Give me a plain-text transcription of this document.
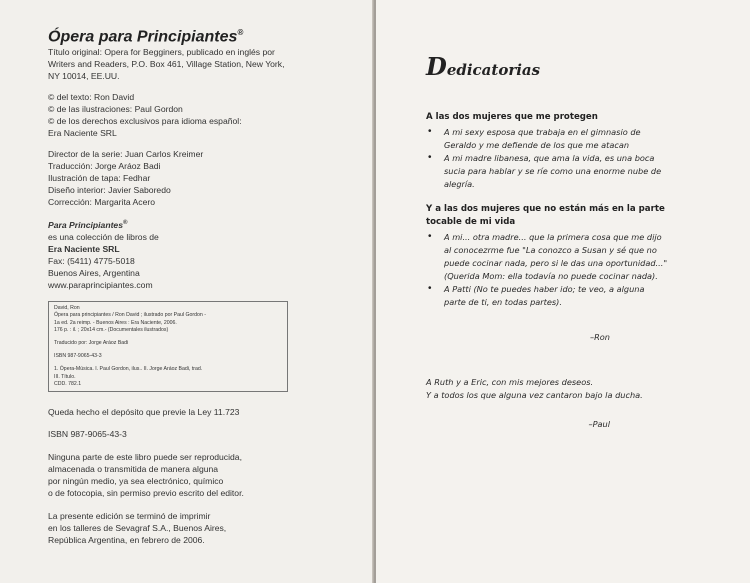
Ópera para Principiantes®

Título original: Opera for Begginers, publicado en inglés por

Writers and Readers, P.O. Box 461, Village Station, New York,

NY 10014, EE.UU.

© del texto: Ron David

© de las ilustraciones: Paul Gordon

© de los derechos exclusivos para idioma español:

Era Naciente SRL

Director de la serie: Juan Carlos Kreimer

Traducción: Jorge Aráoz Badi

Ilustración de tapa: Fedhar

Diseño interior: Javier Saboredo

Corrección: Margarita Acero

Para Principiantes®

es una colección de libros de

Era Naciente SRL

Fax: (5411) 4775-5018

Buenos Aires, Argentina

www.paraprincipiantes.com

David, Ron

Ópera para principiantes / Ron David ; ilustrado por Paul Gordon -

1a ed. 2a reimp. - Buenos Aires : Era Naciente, 2006.

176 p. : il. ; 20x14 cm.- (Documentales ilustrados)

Traducido por: Jorge Aráoz Badi

ISBN 987-9065-43-3

1. Ópera-Música. I. Paul Gordon, ilus.. II. Jorge Aráoz Badi, trad.

III. Título.

CDD. 782.1

Queda hecho el depósito que previe la Ley 11.723

ISBN 987-9065-43-3

Ninguna parte de este libro puede ser reproducida,

almacenada o transmitida de manera alguna

por ningún medio, ya sea electrónico, químico

o de fotocopia, sin permiso previo escrito del editor.

La presente edición se terminó de imprimir

en los talleres de Sevagraf S.A., Buenos Aires,

República Argentina, en febrero de 2006.

Dedicatorias

A las dos mujeres que me protegen

• A mi sexy esposa que trabaja en el gimnasio de

Geraldo y me defiende de los que me atacan

• A mi madre libanesa, que ama la vida, es una boca

sucia para hablar y se ríe como una enorme nube de

alegría.

Y a las dos mujeres que no están más en la parte

tocable de mi vida

• A mi... otra madre... que la primera cosa que me dijo

al conocezrme fue "La conozco a Susan y sé que no

puede cocinar nada, pero si le das una oportunidad..."

(Querida Mom: ella todavía no puede cocinar nada).

• A Patti (No te puedes haber ido; te veo, a alguna

parte de ti, en todas partes).

–Ron

A Ruth y a Eric, con mis mejores deseos.

Y a todos los que alguna vez cantaron bajo la ducha.

–Paul
